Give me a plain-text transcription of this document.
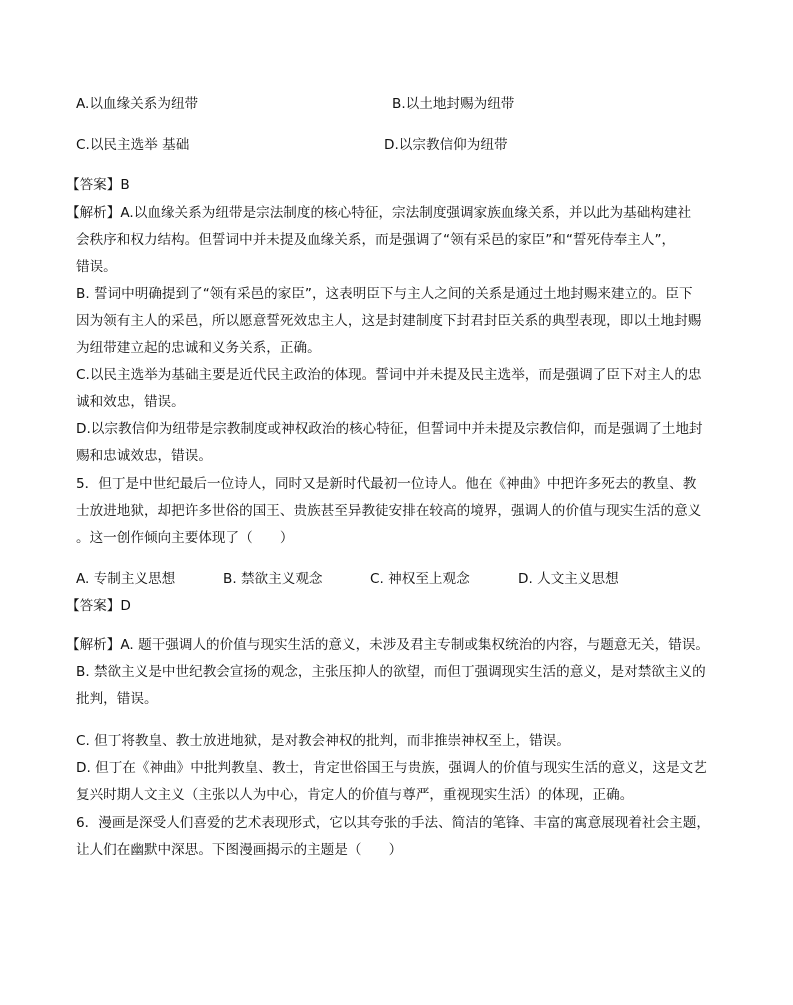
A.以血缘关系为纽带	B.以土地封赐为纽带
C.以民主选举 基础	D.以宗教信仰为纽带
【答案】B
【解析】A.以血缘关系为纽带是宗法制度的核心特征，宗法制度强调家族血缘关系，并以此为基础构建社
会秩序和权力结构。但誓词中并未提及血缘关系，而是强调了“领有采邑的家臣”和“誓死侍奉主人”，
错误。
B. 誓词中明确提到了“领有采邑的家臣”，这表明臣下与主人之间的关系是通过土地封赐来建立的。臣下
因为领有主人的采邑，所以愿意誓死效忠主人，这是封建制度下封君封臣关系的典型表现，即以土地封赐
为纽带建立起的忠诚和义务关系，正确。
C.以民主选举为基础主要是近代民主政治的体现。誓词中并未提及民主选举，而是强调了臣下对主人的忠
诚和效忠，错误。
D.以宗教信仰为纽带是宗教制度或神权政治的核心特征，但誓词中并未提及宗教信仰，而是强调了土地封
赐和忠诚效忠，错误。
5．但丁是中世纪最后一位诗人，同时又是新时代最初一位诗人。他在《神曲》中把许多死去的教皇、教
士放进地狱，却把许多世俗的国王、贵族甚至异教徒安排在较高的境界，强调人的价值与现实生活的意义
。这一创作倾向主要体现了（　　）
A. 专制主义思想	B. 禁欲主义观念	C. 神权至上观念	D. 人文主义思想
【答案】D
【解析】A. 题干强调人的价值与现实生活的意义，未涉及君主专制或集权统治的内容，与题意无关，错误。
B. 禁欲主义是中世纪教会宣扬的观念，主张压抑人的欲望，而但丁强调现实生活的意义，是对禁欲主义的
批判，错误。
C. 但丁将教皇、教士放进地狱，是对教会神权的批判，而非推崇神权至上，错误。
D. 但丁在《神曲》中批判教皇、教士，肯定世俗国王与贵族，强调人的价值与现实生活的意义，这是文艺
复兴时期人文主义（主张以人为中心，肯定人的价值与尊严，重视现实生活）的体现，正确。
6．漫画是深受人们喜爱的艺术表现形式，它以其夸张的手法、简洁的笔锋、丰富的寓意展现着社会主题，
让人们在幽默中深思。下图漫画揭示的主题是（　　）
